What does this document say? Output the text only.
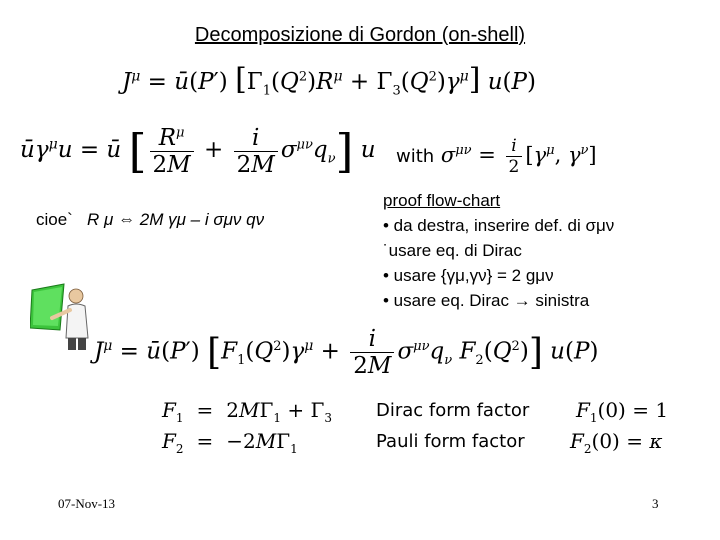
Decomposizione di Gordon (on-shell)
$J^\mu$ = ū(P′) $[\Gamma_1(Q^2)R^\mu + \Gamma_3(Q^2)\gamma^\mu]$ u(P)
$ū\gamma^\mu u$ = ū [ $\frac{R^\mu}{2M} + \frac{i}{2M} \sigma^{\mu\nu}q_\nu$] u with $\sigma^{\mu\nu} = \frac{i}{2} [\gamma^\mu$, $\gamma^\nu$]
cioe` R μ ⇔ 2M γμ – i σμν qν
proof flow-chart
• da destra, inserire def. di σμν
˙usare eq. di Dirac
• usare {γμ,γν} = 2 gμν
• usare eq. Dirac → sinistra
$J^\mu$ = ū(P′) [$F_1(Q^2)\gamma^\mu + \frac{i}{2M} \sigma^{\mu\nu}q_\nu$ $F_2(Q^2)$] u(P)
$F_1 = 2M\Gamma_1 + \Gamma_3$ Dirac form factor $F_1(0) = 1$
$F_2 = -2M\Gamma_1$	Pauli form factor $F_2(0) = \kappa$
07-Nov-13	3
